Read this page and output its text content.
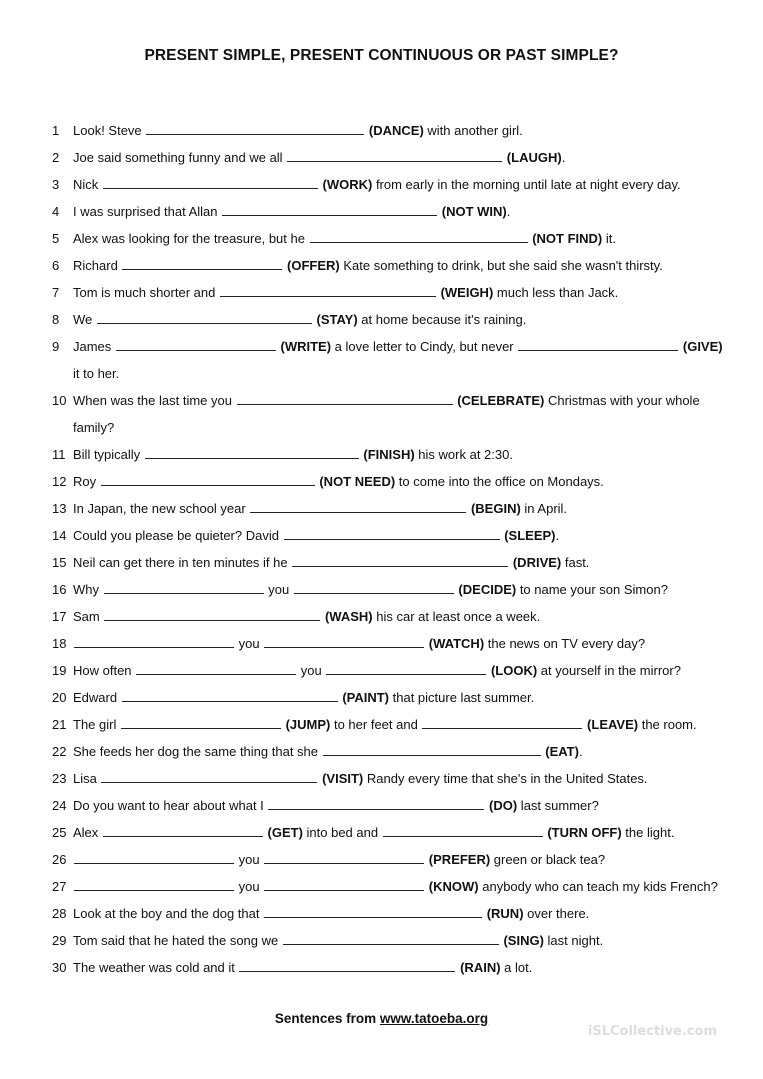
PRESENT SIMPLE, PRESENT CONTINUOUS OR PAST SIMPLE?
1 Look! Steve	(DANCE) with another girl.
2 Joe said something funny and we all	(LAUGH).
3 Nick	(WORK) from early in the morning until late at night every day.
4 I was surprised that Allan	(NOT WIN).
5 Alex was looking for the treasure, but he	(NOT FIND) it.
6 Richard	(OFFER) Kate something to drink, but she said she wasn't thirsty.
7 Tom is much shorter and	(WEIGH) much less than Jack.
8 We	(STAY) at home because it's raining.
9 James	(WRITE) a love letter to Cindy, but never	(GIVE) it to her.
10 When was the last time you	(CELEBRATE) Christmas with your whole family?
11 Bill typically	(FINISH) his work at 2:30.
12 Roy	(NOT NEED) to come into the office on Mondays.
13 In Japan, the new school year	(BEGIN) in April.
14 Could you please be quieter? David	(SLEEP).
15 Neil can get there in ten minutes if he	(DRIVE) fast.
16 Why	you	(DECIDE) to name your son Simon?
17 Sam	(WASH) his car at least once a week.
18	you	(WATCH) the news on TV every day?
19 How often	you	(LOOK) at yourself in the mirror?
20 Edward	(PAINT) that picture last summer.
21 The girl	(JUMP) to her feet and	(LEAVE) the room.
22 She feeds her dog the same thing that she	(EAT).
23 Lisa	(VISIT) Randy every time that she's in the United States.
24 Do you want to hear about what I	(DO) last summer?
25 Alex	(GET) into bed and	(TURN OFF) the light.
26	you	(PREFER) green or black tea?
27	you	(KNOW) anybody who can teach my kids French?
28 Look at the boy and the dog that	(RUN) over there.
29 Tom said that he hated the song we	(SING) last night.
30 The weather was cold and it	(RAIN) a lot.
Sentences from www.tatoeba.org
iSLCollective.com
